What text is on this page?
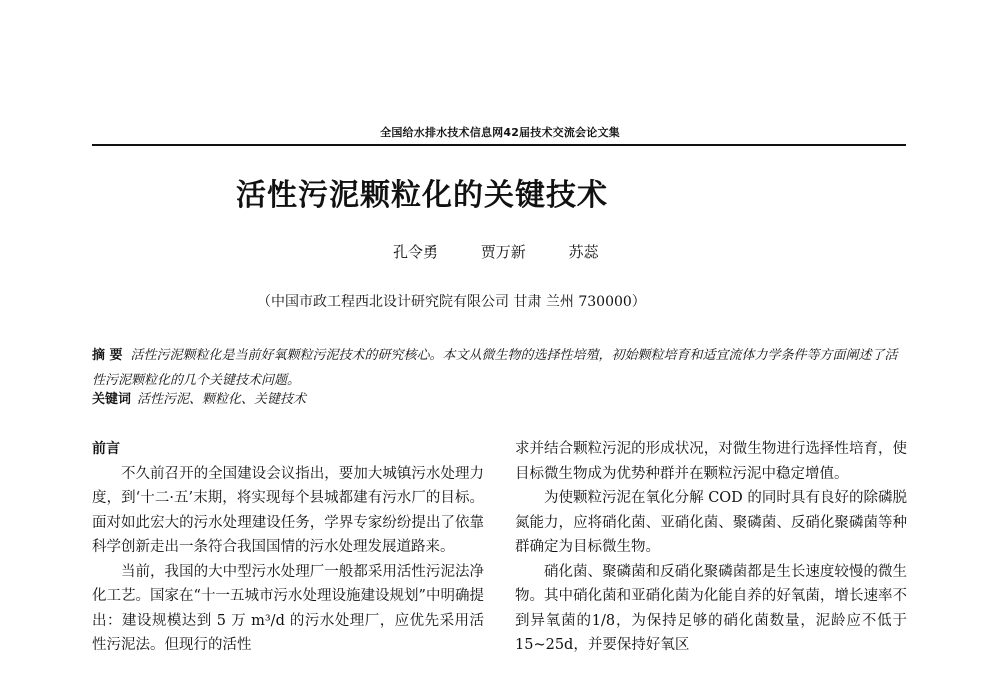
全国给水排水技术信息网42届技术交流会论文集
活性污泥颗粒化的关键技术
孔令勇	贾万新	苏蕊
（中国市政工程西北设计研究院有限公司 甘肃 兰州 730000）
摘 要 活性污泥颗粒化是当前好氧颗粒污泥技术的研究核心。本文从微生物的选择性培殖，初始颗粒培育和适宜流体力学条件等方面阐述了活性污泥颗粒化的几个关键技术问题。
关键词 活性污泥、颗粒化、关键技术
前言

不久前召开的全国建设会议指出，要加大城镇污水处理力度，到‘十二·五’末期，将实现每个县城都建有污水厂的目标。面对如此宏大的污水处理建设任务，学界专家纷纷提出了依靠科学创新走出一条符合我国国情的污水处理发展道路来。

当前，我国的大中型污水处理厂一般都采用活性污泥法净化工艺。国家在“十一五城市污水处理设施建设规划”中明确提出：建设规模达到 5 万 m³/d 的污水处理厂，应优先采用活性污泥法。但现行的活性

求并结合颗粒污泥的形成状况，对微生物进行选择性培育，使目标微生物成为优势种群并在颗粒污泥中稳定增值。

为使颗粒污泥在氧化分解 COD 的同时具有良好的除磷脱氮能力，应将硝化菌、亚硝化菌、聚磷菌、反硝化聚磷菌等种群确定为目标微生物。

硝化菌、聚磷菌和反硝化聚磷菌都是生长速度较慢的微生物。其中硝化菌和亚硝化菌为化能自养的好氧菌，增长速率不到异氧菌的1/8，为保持足够的硝化菌数量，泥龄应不低于 15~25d，并要保持好氧区
